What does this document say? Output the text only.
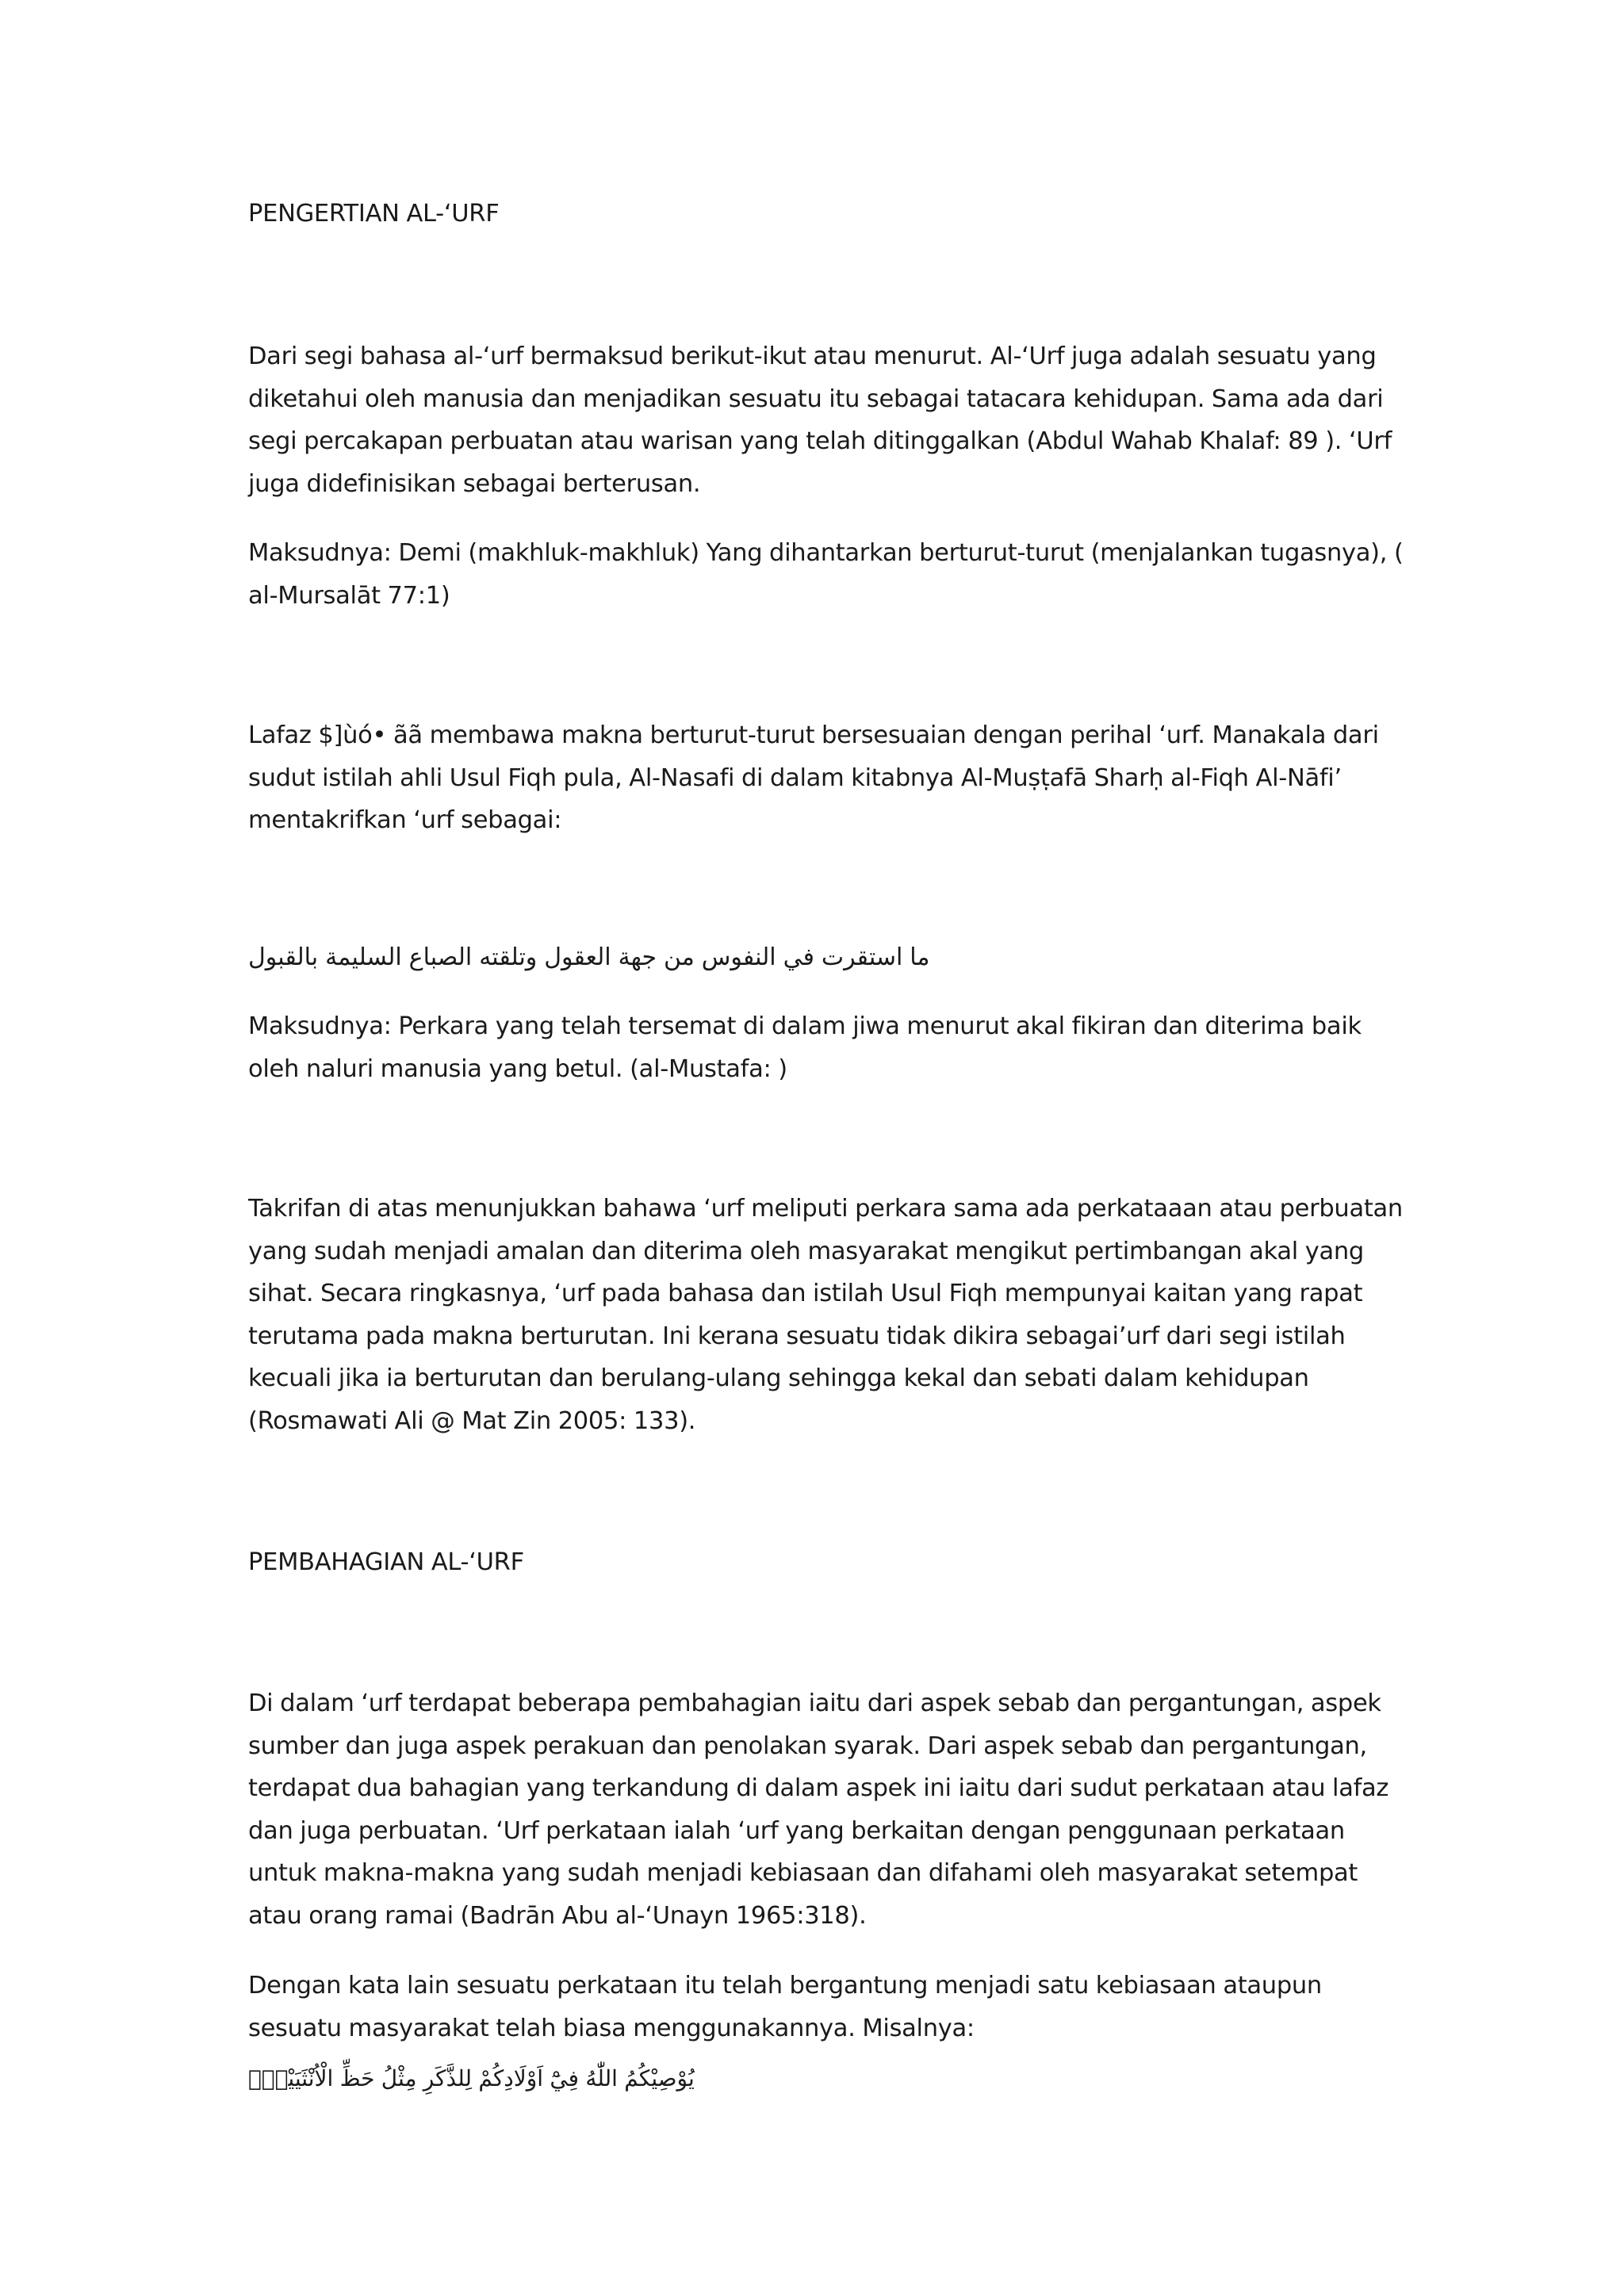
PENGERTIAN AL-‘URF

Dari segi bahasa al-‘urf bermaksud berikut-ikut atau menurut. Al-‘Urf juga adalah sesuatu yang diketahui oleh manusia dan menjadikan sesuatu itu sebagai tatacara kehidupan. Sama ada dari segi percakapan perbuatan atau warisan yang telah ditinggalkan (Abdul Wahab Khalaf: 89 ). ‘Urf juga didefinisikan sebagai berterusan.

Maksudnya: Demi (makhluk-makhluk) Yang dihantarkan berturut-turut (menjalankan tugasnya), ( al-Mursalāt 77:1)

Lafaz $]ùó• ãã membawa makna berturut-turut bersesuaian dengan perihal ‘urf. Manakala dari sudut istilah ahli Usul Fiqh pula, Al-Nasafi di dalam kitabnya Al-Muṣṭafā Sharḥ al-Fiqh Al-Nāfi’ mentakrifkan ‘urf sebagai:

ما استقرت في النفوس من جهة العقول وتلقته الصباع السليمة بالقبول

Maksudnya: Perkara yang telah tersemat di dalam jiwa menurut akal fikiran dan diterima baik oleh naluri manusia yang betul. (al-Mustafa: )

Takrifan di atas menunjukkan bahawa ‘urf meliputi perkara sama ada perkataaan atau perbuatan yang sudah menjadi amalan dan diterima oleh masyarakat mengikut pertimbangan akal yang sihat. Secara ringkasnya, ‘urf pada bahasa dan istilah Usul Fiqh mempunyai kaitan yang rapat terutama pada makna berturutan. Ini kerana sesuatu tidak dikira sebagai’urf dari segi istilah kecuali jika ia berturutan dan berulang-ulang sehingga kekal dan sebati dalam kehidupan (Rosmawati Ali @ Mat Zin 2005: 133).

PEMBAHAGIAN AL-‘URF

Di dalam ‘urf terdapat beberapa pembahagian iaitu dari aspek sebab dan pergantungan, aspek sumber dan juga aspek perakuan dan penolakan syarak. Dari aspek sebab dan pergantungan, terdapat dua bahagian yang terkandung di dalam aspek ini iaitu dari sudut perkataan atau lafaz dan juga perbuatan. ‘Urf perkataan ialah ‘urf yang berkaitan dengan penggunaan perkataan untuk makna-makna yang sudah menjadi kebiasaan dan difahami oleh masyarakat setempat atau orang ramai (Badrān Abu al-‘Unayn 1965:318).

Dengan kata lain sesuatu perkataan itu telah bergantung menjadi satu kebiasaan ataupun sesuatu masyarakat telah biasa menggunakannya. Misalnya:

يُوْصِيْكُمُ اللّٰهُ فِيْٓ اَوْلَادِكُمْ لِلذَّكَرِ مِثْلُ حَظِّ الْاُنْثَيَيْنِۚ
